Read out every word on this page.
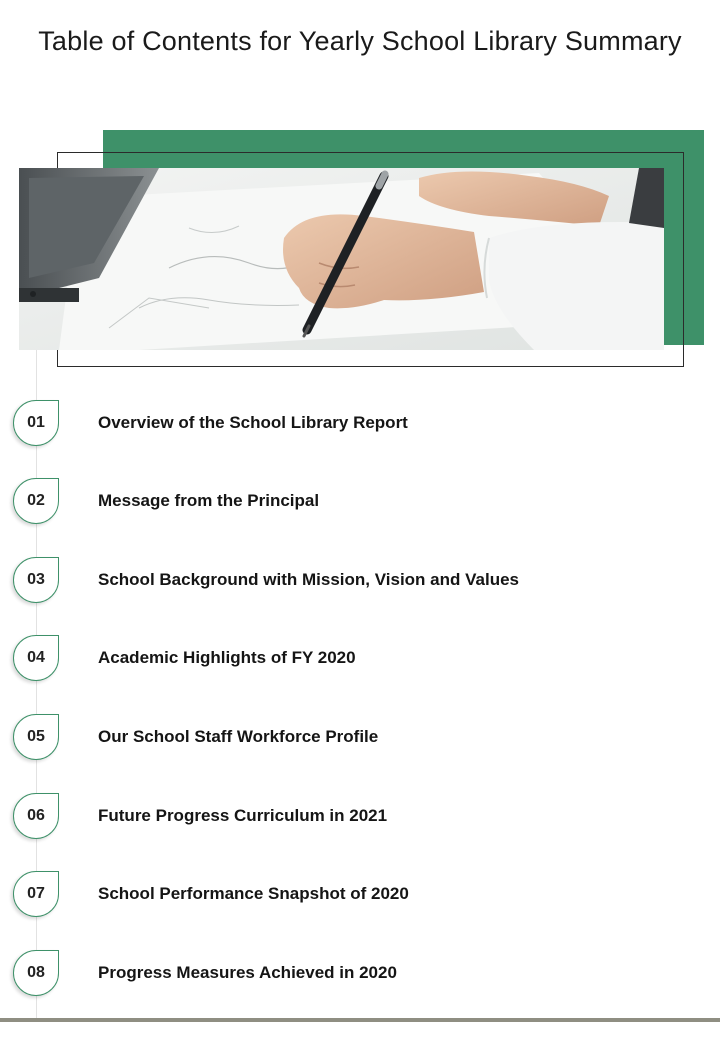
Table of Contents for Yearly School Library Summary
01	Overview of the School Library Report
02	Message from the Principal
03	School Background with Mission, Vision and Values
04	Academic Highlights of FY 2020
05	Our School Staff Workforce Profile
06	Future Progress Curriculum in 2021
07	School Performance Snapshot of 2020
08	Progress Measures Achieved in 2020
